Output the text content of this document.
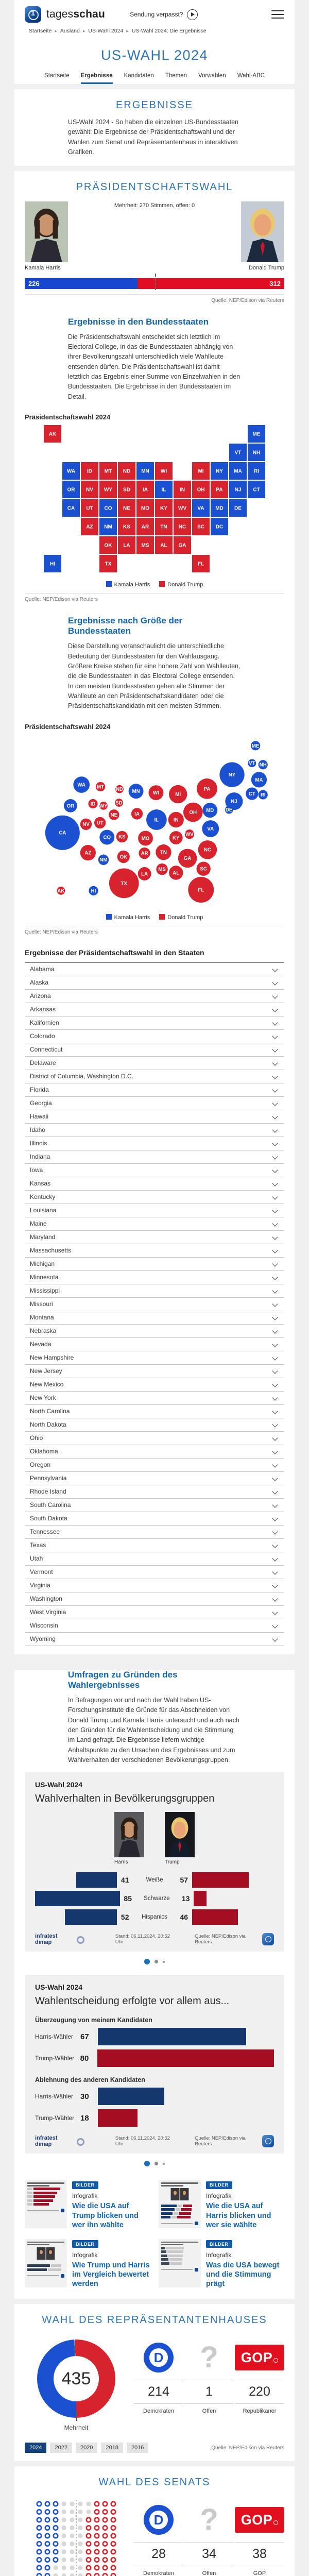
1	tagesschau	Sendung verpasst?
Startseite ▸ Ausland ▸ US-Wahl 2024 ▸ US-Wahl 2024: Die Ergebnisse
US-WAHL 2024
Startseite Ergebnisse Kandidaten Themen Vorwahlen Wahl-ABC
ERGEBNISSE
US-Wahl 2024 - So haben die einzelnen US-Bundesstaaten gewählt: Die Ergebnisse der Präsidentschaftswahl und der Wahlen zum Senat und Repräsentantenhaus in interaktiven Grafiken.
PRÄSIDENTSCHAFTSWAHL
Kamala Harris
Mehrheit: 270 Stimmen, offen: 0
Donald Trump
226	312
Quelle: NEP/Edison via Reuters
Ergebnisse in den Bundesstaaten
Die Präsidentschaftswahl entscheidet sich letztlich im Electoral College, in das die Bundesstaaten abhängig von ihrer Bevölkerungszahl unterschiedlich viele Wahlleute entsenden dürfen. Die Präsidentschaftswahl ist damit letztlich das Ergebnis einer Summe von Einzelwahlen in den Bundesstaaten. Die Ergebnisse in den Bundesstaaten im Detail.
Präsidentschaftswahl 2024
AK	ME
VT NH
WA ID MT ND MN WI	MI NY MA RI
OR NV WY SD IA	IL	IN OH PA NJ CT
CA UT CO NE MO KY WV VA MD DE
AZ NM KS AR TN NC SC DC
OK LA MS AL GA
HI	TX	FL
Kamala Harris	Donald Trump
Quelle: NEP/Edison via Reuters
Ergebnisse nach Größe der Bundesstaaten
Diese Darstellung veranschaulicht die unterschiedliche Bedeutung der Bundesstaaten für den Wahlausgang. Größere Kreise stehen für eine höhere Zahl von Wahlleuten, die die Bundesstaaten in das Electoral College entsenden. In den meisten Bundesstaaten gehen alle Stimmen der Wahlleute an den Präsidentschaftskandidaten oder die Präsidentschaftskandidatin mit den meisten Stimmen.
Präsidentschaftswahl 2024
AK	HI
WA
OR
CA
NV
ID
UT
AZ
NM
MT
WY
CO
ND
SD
NE
KS
OK
TX
MN
IA
MO
AR
LA
WI
IL
MS
MI
IN
KY
TN
AL
OH
WV
GA
FL
PA
VA
NC
SC
NY
NJ
MD DE
CT RI
MA
VT NH
ME
Kamala Harris	Donald Trump
Quelle: NEP/Edison via Reuters
Ergebnisse der Präsidentschaftswahl in den Staaten
Alabama
Alaska
Arizona
Arkansas
Kalifornien
Colorado
Connecticut
Delaware
District of Columbia, Washington D.C.
Florida
Georgia
Hawaii
Idaho
Illinois
Indiana
Iowa
Kansas
Kentucky
Louisiana
Maine
Maryland
Massachusetts
Michigan
Minnesota
Mississippi
Missouri
Montana
Nebraska
Nevada
New Hampshire
New Jersey
New Mexico
New York
North Carolina
North Dakota
Ohio
Oklahoma
Oregon
Pennsylvania
Rhode Island
South Carolina
South Dakota
Tennessee
Texas
Utah
Vermont
Virginia
Washington
West Virginia
Wisconsin
Wyoming
Umfragen zu Gründen des Wahlergebnisses
In Befragungen vor und nach der Wahl haben US-Forschungsinstitute die Gründe für das Abschneiden von Donald Trump und Kamala Harris untersucht und auch nach den Gründen für die Wahlentscheidung und die Stimmung im Land gefragt. Die Ergebnisse liefern wichtige Anhaltspunkte zu den Ursachen des Ergebnisses und zum Wahlverhalten der verschiedenen Bevölkerungsgruppen.
US-Wahl 2024
Wahlverhalten in Bevölkerungsgruppen
Harris	Trump
41	Weiße	57
85	Schwarze	13
52	Hispanics	46
infratest dimap
Stand: 06.11.2024, 20:52 Uhr
Quelle: NEP/Edison via Reuters
US-Wahl 2024
Wahlentscheidung erfolgte vor allem aus...
Überzeugung von meinem Kandidaten
Harris-Wähler 67
Trump-Wähler 80
Ablehnung des anderen Kandidaten
Harris-Wähler 30
Trump-Wähler 18
infratest dimap
Stand: 06.11.2024, 20:52 Uhr
Quelle: NEP/Edison via Reuters
BILDER
Infografik
Wie die USA auf Trump blicken und wer ihn wählte
BILDER
Infografik
Wie die USA auf Harris blicken und wer sie wählte
BILDER
Infografik
Wie Trump und Harris im Vergleich bewertet werden
BILDER
Infografik
Was die USA bewegt und die Stimmung prägt
WAHL DES REPRÄSENTANTENHAUSES
435
Mehrheit
D
214
Demokraten
?
1
Offen
GOP
220
Republikaner
2024	2022	2020	2018	2016	Quelle: NEP/Edison via Reuters
WAHL DES SENATS
D
28
Demokraten
?
34
Offen
GOP
38
GOP
